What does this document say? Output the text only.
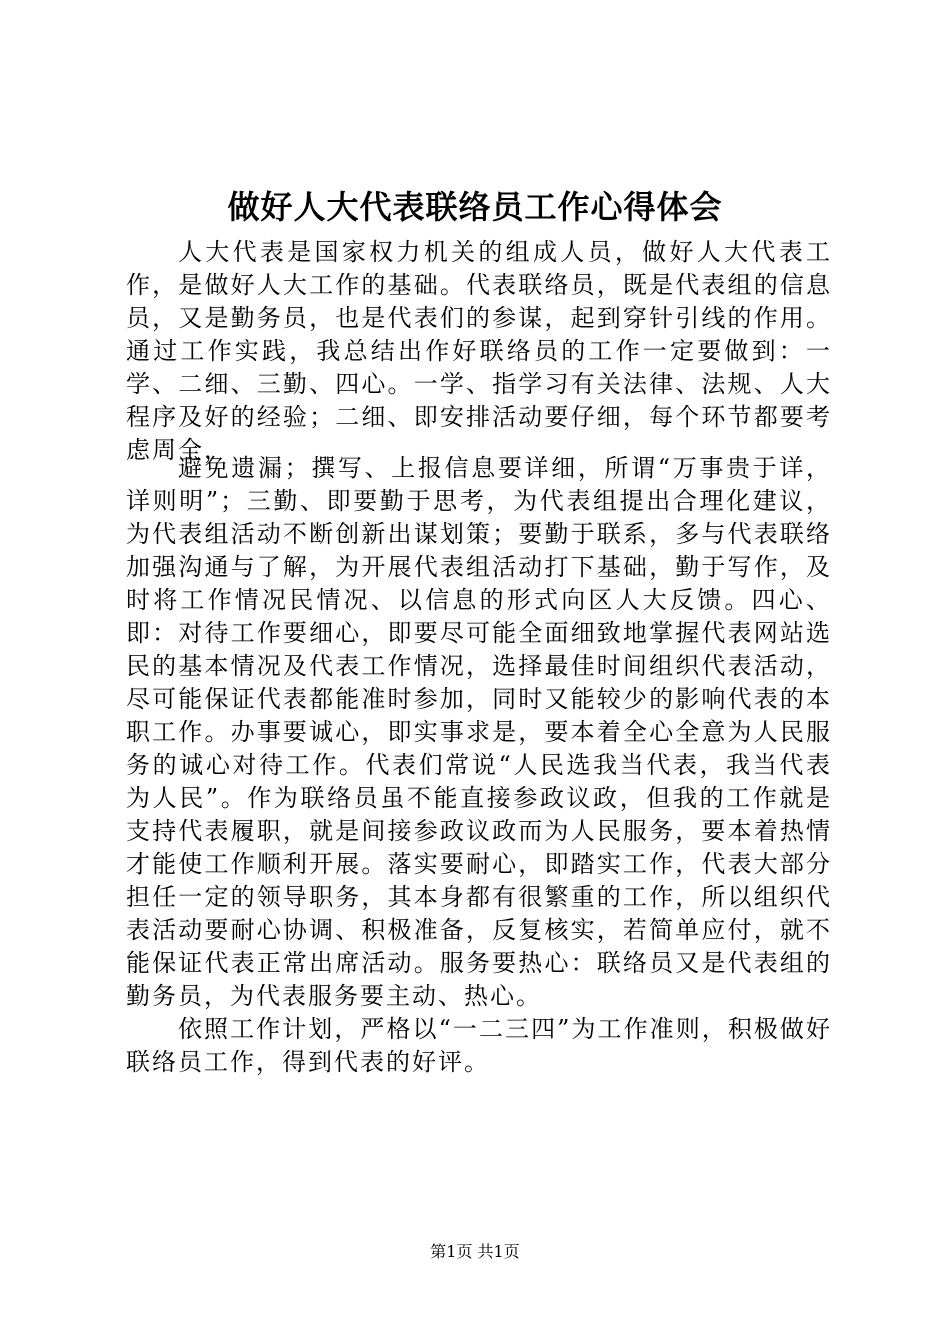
做好人大代表联络员工作心得体会

人大代表是国家权力机关的组成人员，做好人大代表工作，是做好人大工作的基础。代表联络员，既是代表组的信息员，又是勤务员，也是代表们的参谋，起到穿针引线的作用。通过工作实践，我总结出作好联络员的工作一定要做到：一学、二细、三勤、四心。一学、指学习有关法律、法规、人大程序及好的经验；二细、即安排活动要仔细，每个环节都要考虑周全，

避免遗漏；撰写、上报信息要详细，所谓“万事贵于详，详则明”；三勤、即要勤于思考，为代表组提出合理化建议，为代表组活动不断创新出谋划策；要勤于联系，多与代表联络加强沟通与了解，为开展代表组活动打下基础，勤于写作，及时将工作情况民情况、以信息的形式向区人大反馈。四心、即：对待工作要细心，即要尽可能全面细致地掌握代表网站选民的基本情况及代表工作情况，选择最佳时间组织代表活动，尽可能保证代表都能准时参加，同时又能较少的影响代表的本职工作。办事要诚心，即实事求是，要本着全心全意为人民服务的诚心对待工作。代表们常说“人民选我当代表，我当代表为人民”。作为联络员虽不能直接参政议政，但我的工作就是支持代表履职，就是间接参政议政而为人民服务，要本着热情才能使工作顺利开展。落实要耐心，即踏实工作，代表大部分担任一定的领导职务，其本身都有很繁重的工作，所以组织代表活动要耐心协调、积极准备，反复核实，若简单应付，就不能保证代表正常出席活动。服务要热心：联络员又是代表组的勤务员，为代表服务要主动、热心。

依照工作计划，严格以“一二三四”为工作准则，积极做好联络员工作，得到代表的好评。

第1页 共1页
